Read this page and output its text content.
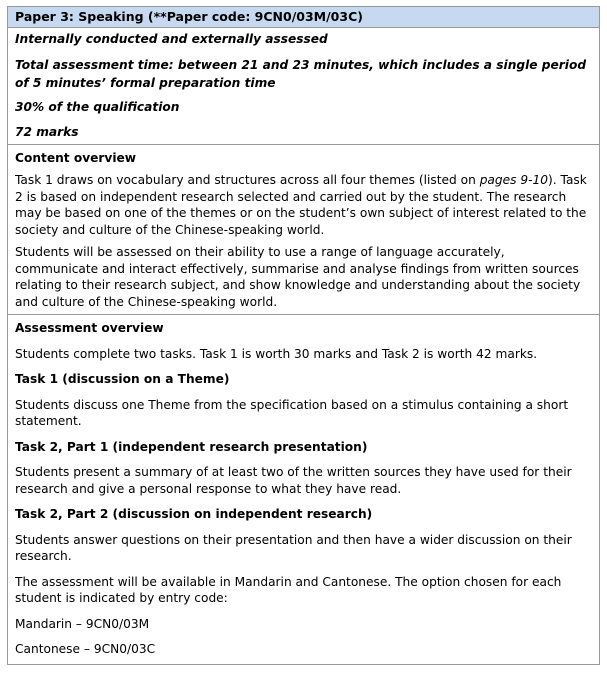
Paper 3: Speaking (**Paper code: 9CN0/03M/03C)

Internally conducted and externally assessed

Total assessment time: between 21 and 23 minutes, which includes a single period of 5 minutes’ formal preparation time

30% of the qualification

72 marks

Content overview

Task 1 draws on vocabulary and structures across all four themes (listed on pages 9-10). Task 2 is based on independent research selected and carried out by the student. The research may be based on one of the themes or on the student’s own subject of interest related to the society and culture of the Chinese-speaking world.

Students will be assessed on their ability to use a range of language accurately, communicate and interact effectively, summarise and analyse findings from written sources relating to their research subject, and show knowledge and understanding about the society and culture of the Chinese-speaking world.

Assessment overview

Students complete two tasks. Task 1 is worth 30 marks and Task 2 is worth 42 marks.

Task 1 (discussion on a Theme)

Students discuss one Theme from the specification based on a stimulus containing a short statement.

Task 2, Part 1 (independent research presentation)

Students present a summary of at least two of the written sources they have used for their research and give a personal response to what they have read.

Task 2, Part 2 (discussion on independent research)

Students answer questions on their presentation and then have a wider discussion on their research.

The assessment will be available in Mandarin and Cantonese. The option chosen for each student is indicated by entry code:

Mandarin – 9CN0/03M

Cantonese – 9CN0/03C
